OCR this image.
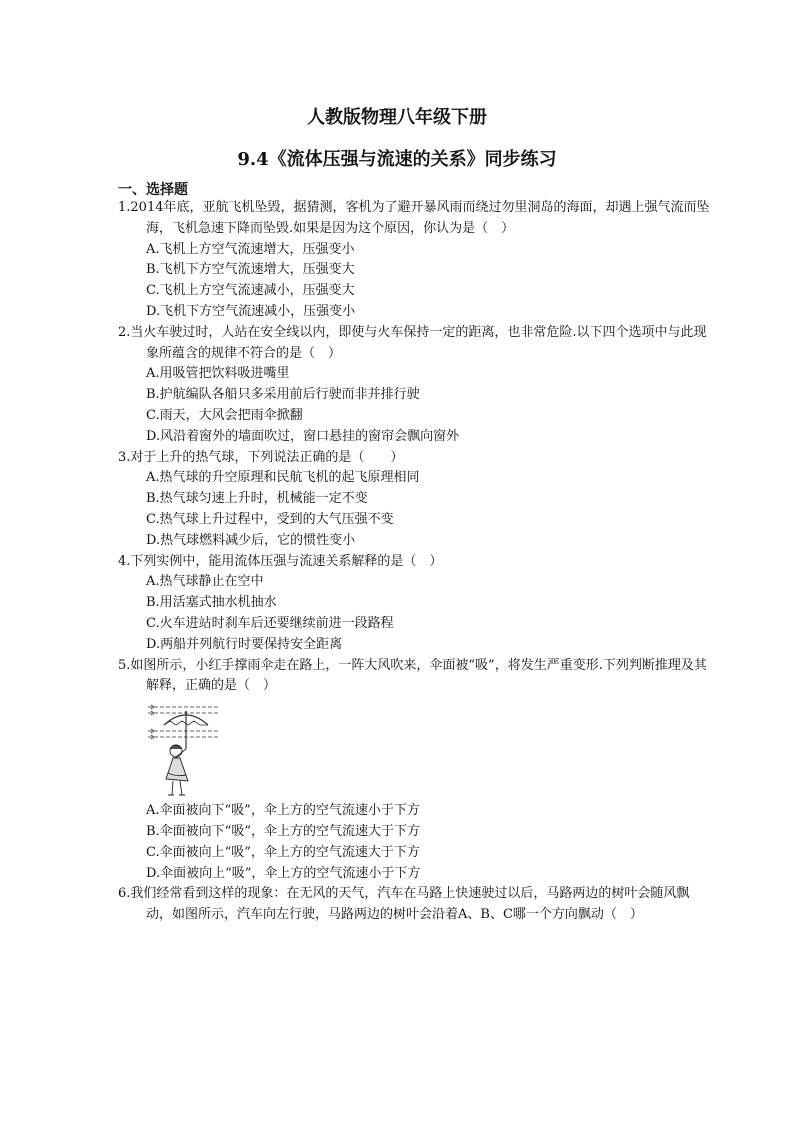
人教版物理八年级下册
9.4《流体压强与流速的关系》同步练习
一、选择题
1.2014年底，亚航飞机坠毁，据猜测，客机为了避开暴风雨而绕过勿里洞岛的海面，却遇上强气流而坠海，飞机急速下降而坠毁.如果是因为这个原因，你认为是（　）
A.飞机上方空气流速增大，压强变小
B.飞机下方空气流速增大，压强变大
C.飞机上方空气流速减小，压强变大
D.飞机下方空气流速减小，压强变小
2.当火车驶过时，人站在安全线以内，即使与火车保持一定的距离，也非常危险.以下四个选项中与此现象所蕴含的规律不符合的是（　）
A.用吸管把饮料吸进嘴里
B.护航编队各船只多采用前后行驶而非并排行驶
C.雨天，大风会把雨伞掀翻
D.风沿着窗外的墙面吹过，窗口悬挂的窗帘会飘向窗外
3.对于上升的热气球，下列说法正确的是（　　）
A.热气球的升空原理和民航飞机的起飞原理相同
B.热气球匀速上升时，机械能一定不变
C.热气球上升过程中，受到的大气压强不变
D.热气球燃料减少后，它的惯性变小
4.下列实例中，能用流体压强与流速关系解释的是（　）
A.热气球静止在空中
B.用活塞式抽水机抽水
C.火车进站时刹车后还要继续前进一段路程
D.两船并列航行时要保持安全距离
5.如图所示，小红手撑雨伞走在路上，一阵大风吹来，伞面被“吸”，将发生严重变形.下列判断推理及其解释，正确的是（　）
A.伞面被向下“吸”，伞上方的空气流速小于下方
B.伞面被向下“吸”，伞上方的空气流速大于下方
C.伞面被向上“吸”，伞上方的空气流速大于下方
D.伞面被向上“吸”，伞上方的空气流速小于下方
6.我们经常看到这样的现象：在无风的天气，汽车在马路上快速驶过以后，马路两边的树叶会随风飘动，如图所示，汽车向左行驶，马路两边的树叶会沿着A、B、C哪一个方向飘动（　）
